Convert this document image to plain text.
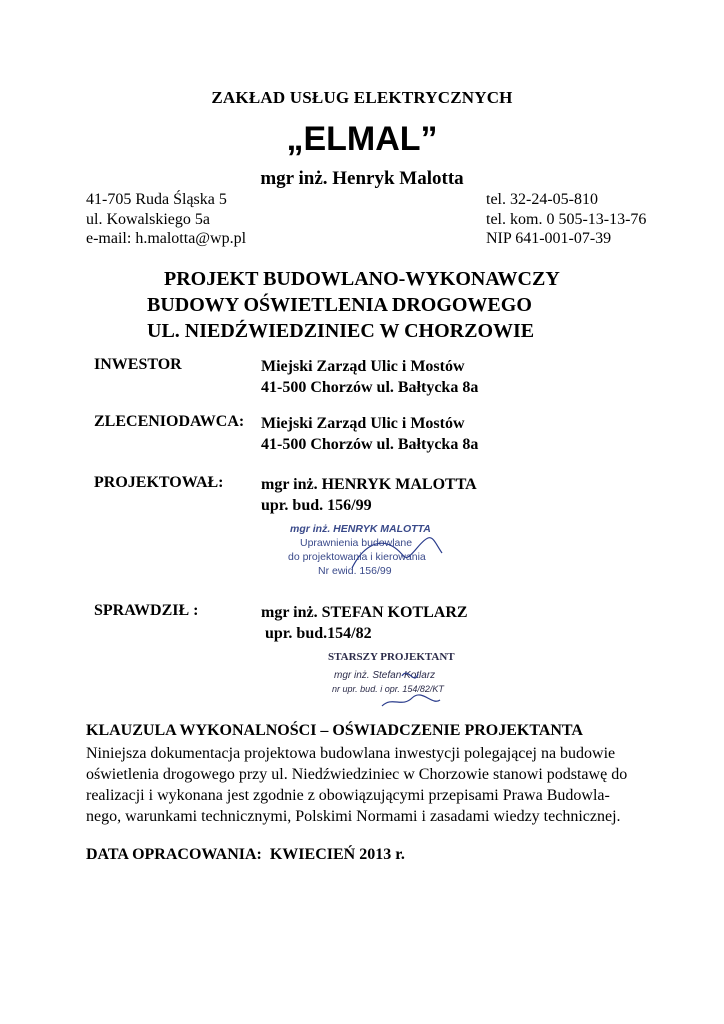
ZAKŁAD USŁUG ELEKTRYCZNYCH
„ELMAL”
mgr inż. Henryk Malotta
41-705 Ruda Śląska 5
ul. Kowalskiego 5a
e-mail: h.malotta@wp.pl
tel. 32-24-05-810
tel. kom. 0 505-13-13-76
NIP 641-001-07-39
PROJEKT BUDOWLANO-WYKONAWCZY
BUDOWY OŚWIETLENIA DROGOWEGO
UL. NIEDŹWIEDZINIEC W CHORZOWIE
INWESTOR	Miejski Zarząd Ulic i Mostów
41-500 Chorzów ul. Bałtycka 8a
ZLECENIODAWCA: Miejski Zarząd Ulic i Mostów
41-500 Chorzów ul. Bałtycka 8a
PROJEKTOWAŁ: mgr inż. HENRYK MALOTTA
upr. bud. 156/99
mgr inż. HENRYK MALOTTA
Uprawnienia budowlane
do projektowania i kierowania
Nr ewid. 156/99
SPRAWDZIŁ :	mgr inż. STEFAN KOTLARZ
upr. bud.154/82
STARSZY PROJEKTANT
mgr inż. Stefan Kotlarz
nr upr. bud. i opr. 154/82/KT
KLAUZULA WYKONALNOŚCI – OŚWIADCZENIE PROJEKTANTA
Niniejsza dokumentacja projektowa budowlana inwestycji polegającej na budowie
oświetlenia drogowego przy ul. Niedźwiedziniec w Chorzowie stanowi podstawę do
realizacji i wykonana jest zgodnie z obowiązującymi przepisami Prawa Budowla-
nego, warunkami technicznymi, Polskimi Normami i zasadami wiedzy technicznej.
DATA OPRACOWANIA: KWIECIEŃ 2013 r.
